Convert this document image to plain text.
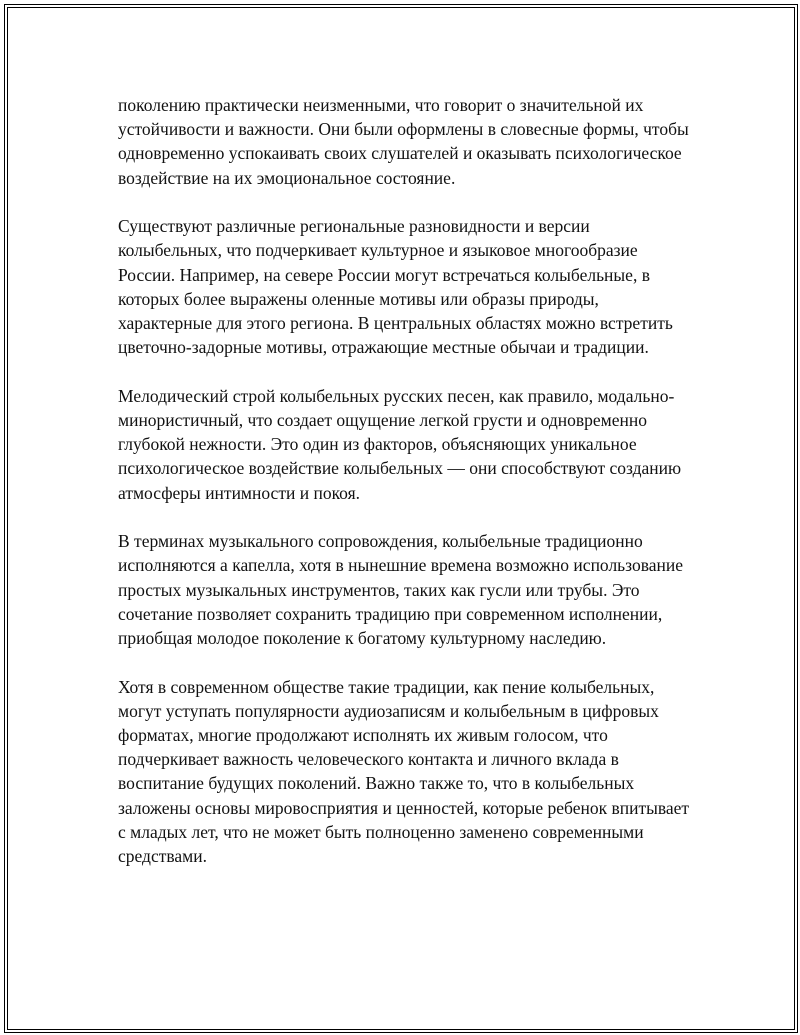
поколению практически неизменными, что говорит о значительной их устойчивости и важности. Они были оформлены в словесные формы, чтобы одновременно успокаивать своих слушателей и оказывать психологическое воздействие на их эмоциональное состояние.

Существуют различные региональные разновидности и версии колыбельных, что подчеркивает культурное и языковое многообразие России. Например, на севере России могут встречаться колыбельные, в которых более выражены оленные мотивы или образы природы, характерные для этого региона. В центральных областях можно встретить цветочно-задорные мотивы, отражающие местные обычаи и традиции.

Мелодический строй колыбельных русских песен, как правило, модально-минористичный, что создает ощущение легкой грусти и одновременно глубокой нежности. Это один из факторов, объясняющих уникальное психологическое воздействие колыбельных — они способствуют созданию атмосферы интимности и покоя.

В терминах музыкального сопровождения, колыбельные традиционно исполняются а капелла, хотя в нынешние времена возможно использование простых музыкальных инструментов, таких как гусли или трубы. Это сочетание позволяет сохранить традицию при современном исполнении, приобщая молодое поколение к богатому культурному наследию.

Хотя в современном обществе такие традиции, как пение колыбельных, могут уступать популярности аудиозаписям и колыбельным в цифровых форматах, многие продолжают исполнять их живым голосом, что подчеркивает важность человеческого контакта и личного вклада в воспитание будущих поколений. Важно также то, что в колыбельных заложены основы мировосприятия и ценностей, которые ребенок впитывает с младых лет, что не может быть полноценно заменено современными средствами.
